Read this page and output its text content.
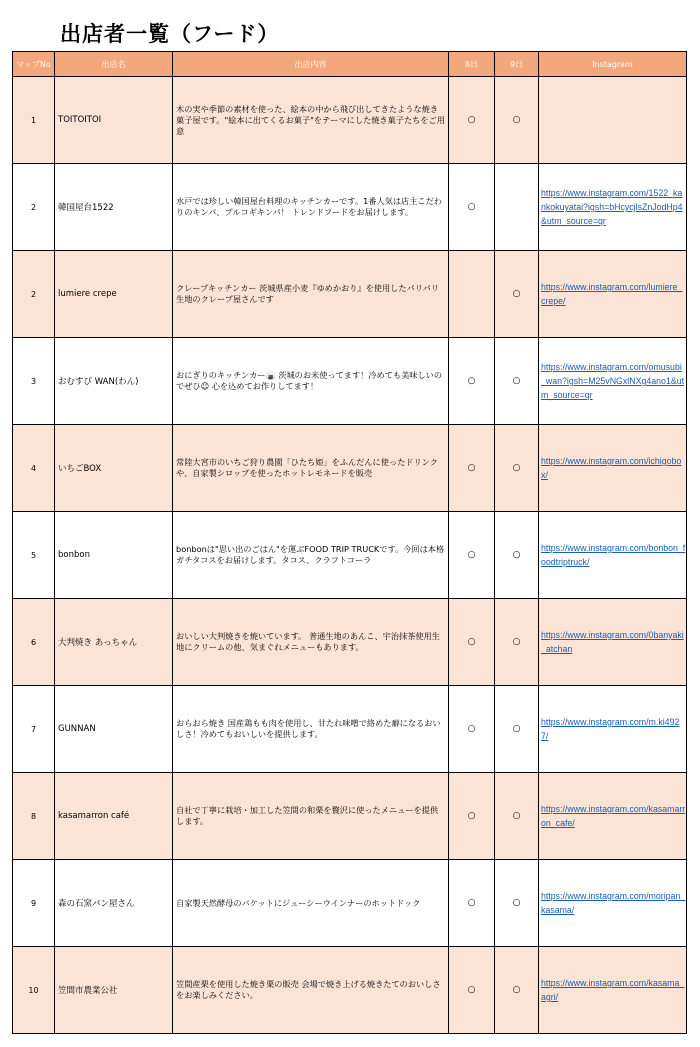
出店者一覧（フード）
マップNo	出店名	出店内容	8日	9日	Instagram
1	TOITOITOI	木の実や季節の素材を使った、絵本の中から飛び出してきたような焼き菓子屋です。"絵本に出てくるお菓子"をテーマにした焼き菓子たちをご用意	○	○	
2	韓国屋台1522	水戸では珍しい韓国屋台料理のキッチンカーです。1番人気は店主こだわりのキンパ、プルコギキンパ！ トレンドフードをお届けします。	○		https://www.instagram.com/1522_kankokuyatai?igsh=bHcycjlsZnJodHp4&utm_source=qr

2	lumiere crepe	クレープキッチンカー 茨城県産小麦『ゆめかおり』を使用したパリパリ生地のクレープ屋さんです		○	https://www.instagram.com/lumiere_crepe/

3	おむすび WAN(わん)	おにぎりのキッチンカー🍙 茨城のお米使ってます！冷めても美味しいのでぜひ☺ 心を込めてお作りしてます！	○	○	https://www.instagram.com/omusubi_wan?igsh=M25vNGxlNXg4ano1&utm_source=qr

4	いちごBOX	常陸大宮市のいちご狩り農園「ひたち姫」をふんだんに使ったドリンクや、自家製シロップを使ったホットレモネードを販売	○	○	https://www.instagram.com/ichigobox/

5	bonbon	bonbonは"思い出のごはん"を運ぶFOOD TRIP TRUCKです。今回は本格ガチタコスをお届けします。タコス、クラフトコーラ	○	○	https://www.instagram.com/bonbon_foodtriptruck/

6	大判焼き あっちゃん	おいしい大判焼きを焼いています。 普通生地のあんこ、宇治抹茶使用生地にクリームの他、気まぐれメニューもあります。	○	○	https://www.instagram.com/0banyaki_atchan

7	GUNNAN	おらおら焼き 国産鶏もも肉を使用し、甘たれ味噌で絡めた癖になるおいしさ！冷めてもおいしいを提供します。	○	○	https://www.instagram.com/m.ki4927/

8	kasamarron café	自社で丁寧に栽培・加工した笠間の和栗を贅沢に使ったメニューを提供します。	○	○	https://www.instagram.com/kasamarron_cafe/

9	森の石窯パン屋さん	自家製天然酵母のバケットにジューシーウインナーのホットドック	○	○	https://www.instagram.com/moripan_kasama/

10	笠間市農業公社	笠間産栗を使用した焼き栗の販売 会場で焼き上げる焼きたてのおいしさをお楽しみください。	○	○	https://www.instagram.com/kasama_agri/
